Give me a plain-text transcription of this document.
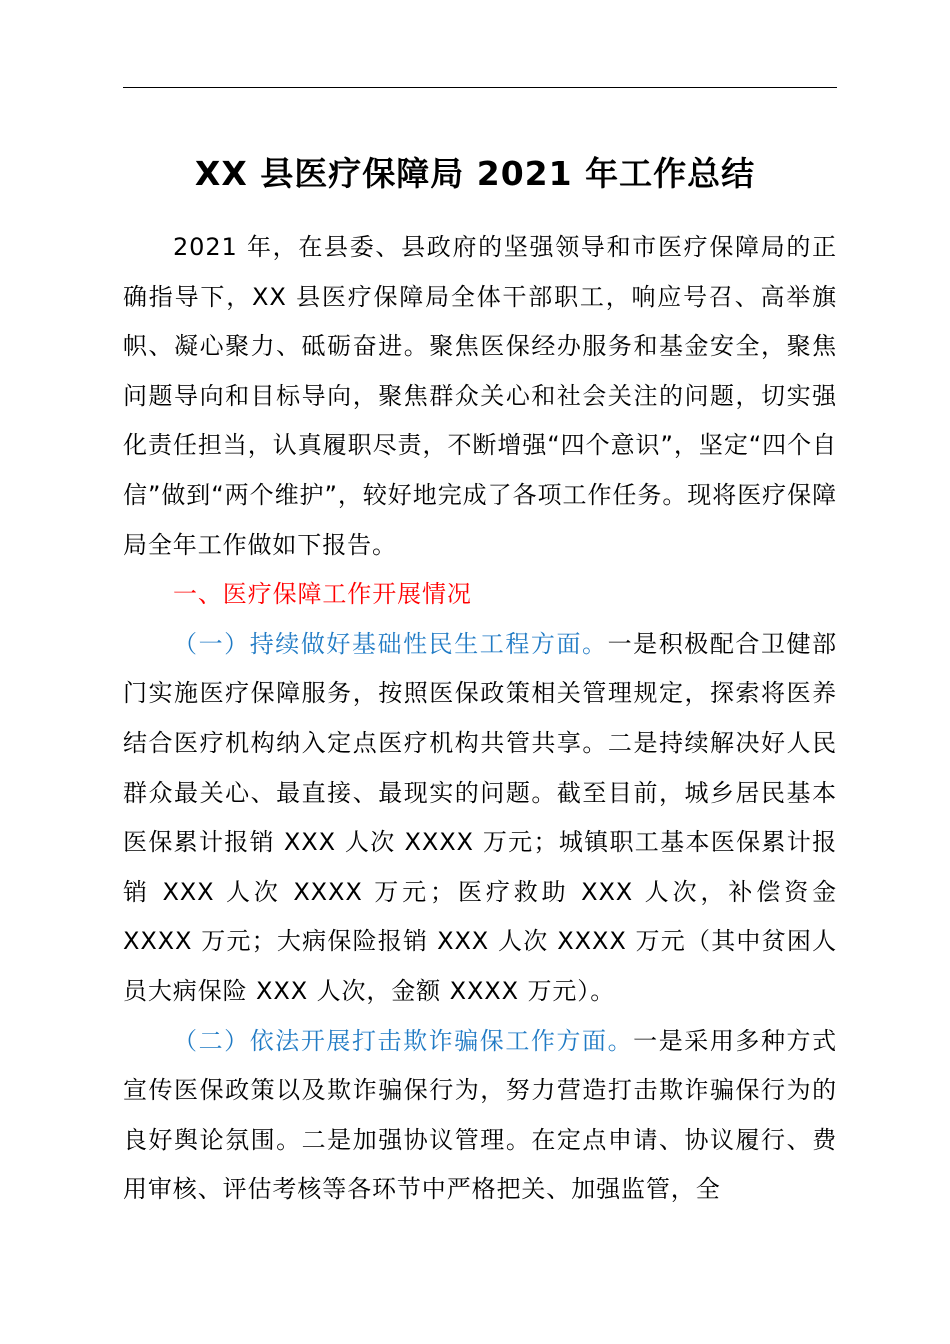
XX 县医疗保障局 2021 年工作总结

2021 年，在县委、县政府的坚强领导和市医疗保障局的正确指导下，XX 县医疗保障局全体干部职工，响应号召、高举旗帜、凝心聚力、砥砺奋进。聚焦医保经办服务和基金安全，聚焦问题导向和目标导向，聚焦群众关心和社会关注的问题，切实强化责任担当，认真履职尽责，不断增强“四个意识”，坚定“四个自信”做到“两个维护”，较好地完成了各项工作任务。现将医疗保障局全年工作做如下报告。

一、医疗保障工作开展情况

（一）持续做好基础性民生工程方面。一是积极配合卫健部门实施医疗保障服务，按照医保政策相关管理规定，探索将医养结合医疗机构纳入定点医疗机构共管共享。二是持续解决好人民群众最关心、最直接、最现实的问题。截至目前，城乡居民基本医保累计报销 XXX 人次 XXXX 万元；城镇职工基本医保累计报销 XXX 人次 XXXX 万元；医疗救助 XXX 人次，补偿资金 XXXX 万元；大病保险报销 XXX 人次 XXXX 万元（其中贫困人员大病保险 XXX 人次，金额 XXXX 万元）。

（二）依法开展打击欺诈骗保工作方面。一是采用多种方式宣传医保政策以及欺诈骗保行为，努力营造打击欺诈骗保行为的良好舆论氛围。二是加强协议管理。在定点申请、协议履行、费用审核、评估考核等各环节中严格把关、加强监管，全
